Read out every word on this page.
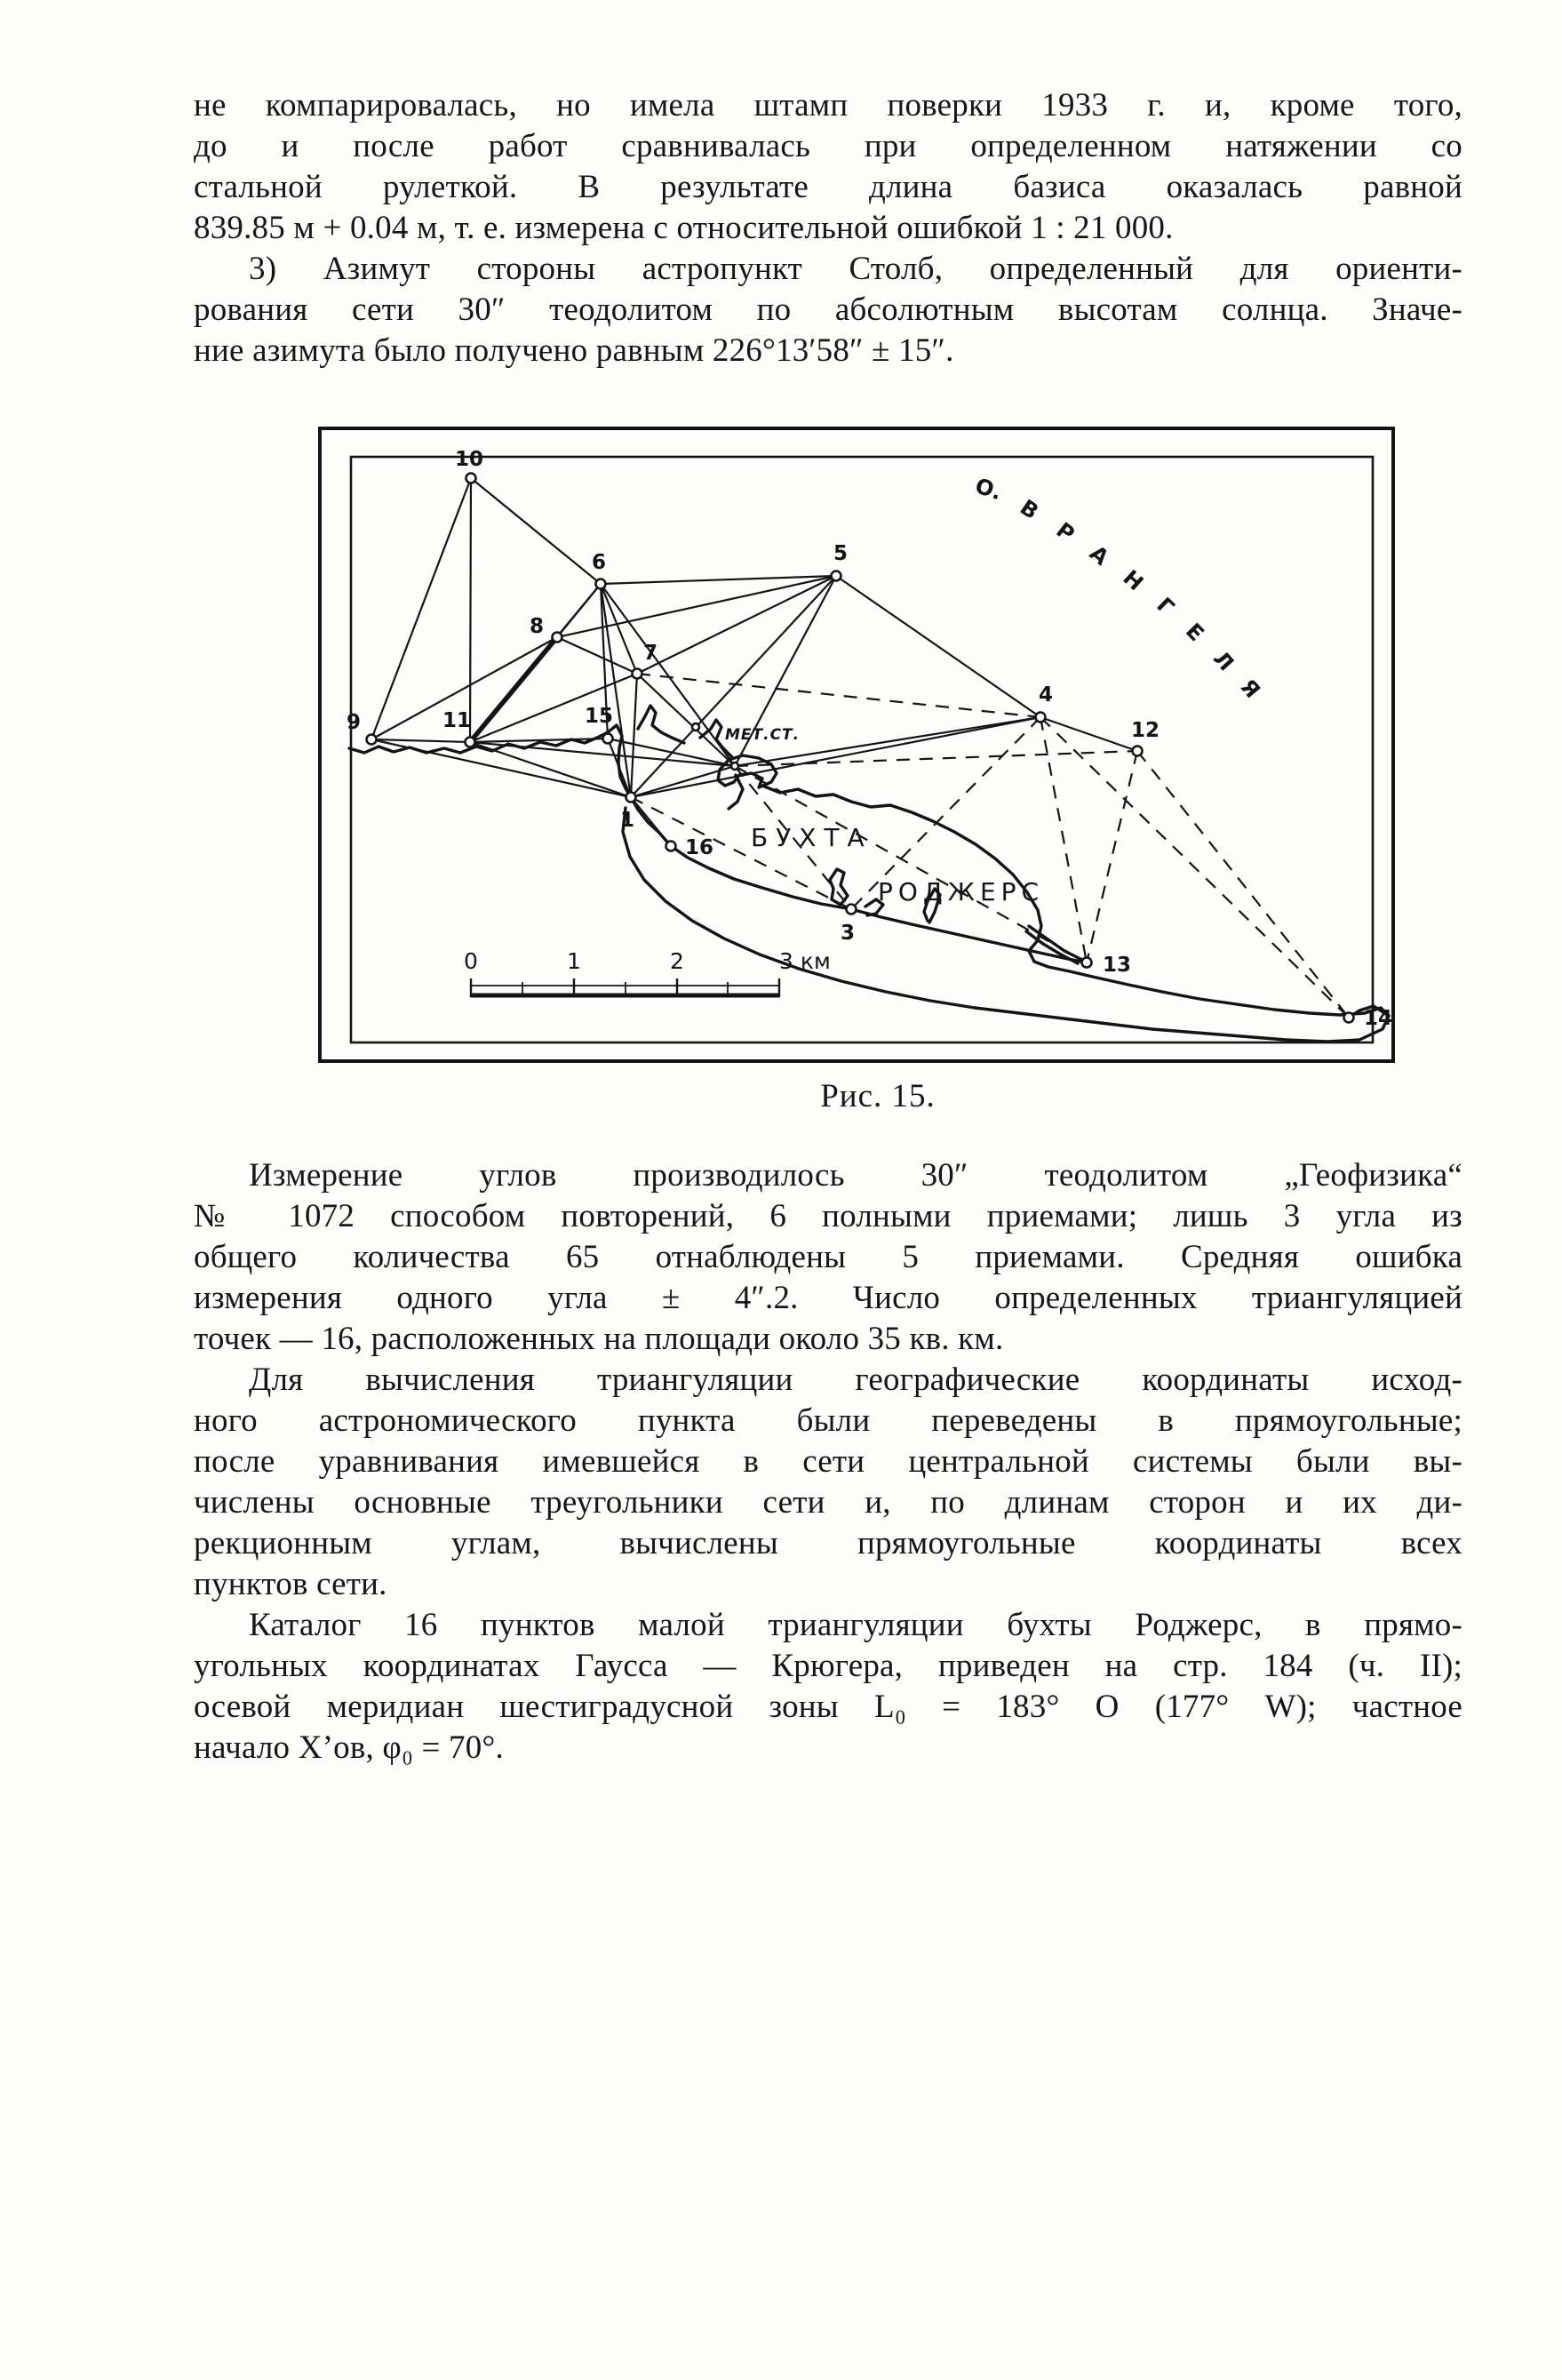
не компарировалась, но имела штамп поверки 1933 г. и, кроме того,
до и после работ сравнивалась при определенном натяжении со
стальной рулеткой. В результате длина базиса оказалась равной
839.85 м + 0.04 м, т. е. измерена с относительной ошибкой 1 : 21 000.
3) Азимут стороны астропункт Столб, определенный для ориенти-
рования сети 30″ теодолитом по абсолютным высотам солнца. Значе-
ние азимута было получено равным 226°13′58″ ± 15″.
10
6	5
8
7
9	11	15
1
16
3
4
12
13
14
О.
В
Р
А
Н
Г
Е
Л
Я
БУХТА
РОДЖЕРС
МЕТ.СТ.
0	1	2	3 км
Рис. 15.
Измерение углов производилось 30″ теодолитом „Геофизика“
№ 1072 способом повторений, 6 полными приемами; лишь 3 угла из
общего количества 65 отнаблюдены 5 приемами. Средняя ошибка
измерения одного угла ± 4″.2. Число определенных триангуляцией
точек — 16, расположенных на площади около 35 кв. км.
Для вычисления триангуляции географические координаты исход-
ного астрономического пункта были переведены в прямоугольные;
после уравнивания имевшейся в сети центральной системы были вы-
числены основные треугольники сети и, по длинам сторон и их ди-
рекционным углам, вычислены прямоугольные координаты всех
пунктов сети.
Каталог 16 пунктов малой триангуляции бухты Роджерс, в прямо-
угольных координатах Гаусса — Крюгера, приведен на стр. 184 (ч. II);
осевой меридиан шестиградусной зоны L₀ = 183° О (177° W); частное
начало Х’ов, φ₀ = 70°.
